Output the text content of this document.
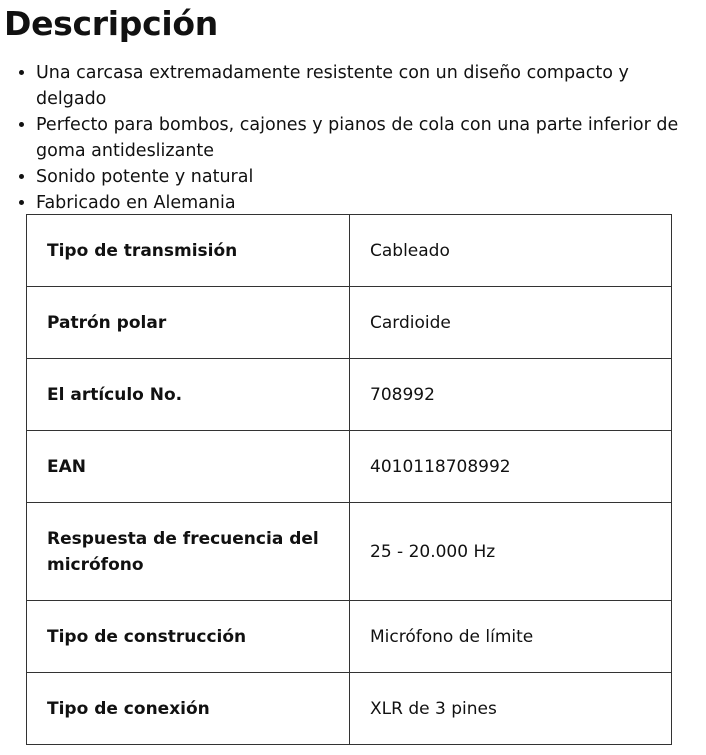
Descripción
• Una carcasa extremadamente resistente con un diseño compacto y delgado
• Perfecto para bombos, cajones y pianos de cola con una parte inferior de goma antideslizante
• Sonido potente y natural
• Fabricado en Alemania
Tipo de transmisión	Cableado
Patrón polar	Cardioide
El artículo No.	708992
EAN	4010118708992
Respuesta de frecuencia del micrófono	25 - 20.000 Hz
Tipo de construcción	Micrófono de límite
Tipo de conexión	XLR de 3 pines
